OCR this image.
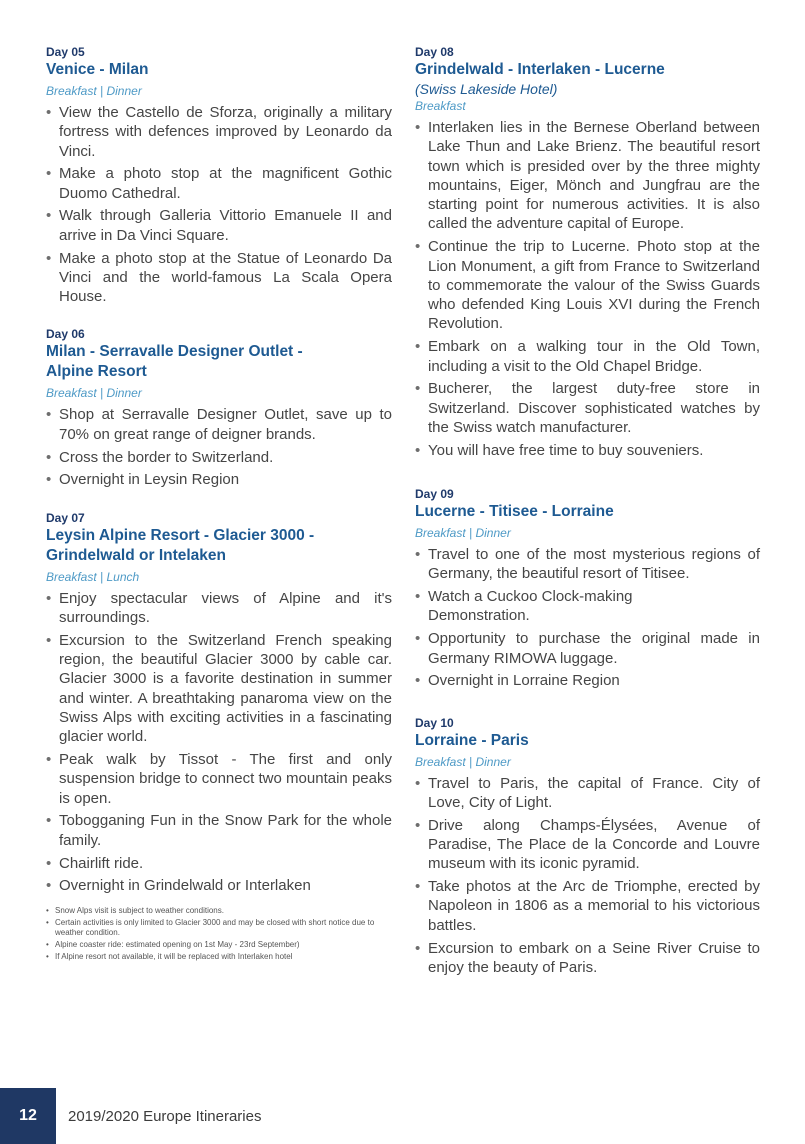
Day 05
Venice - Milan
Breakfast | Dinner
• View the Castello de Sforza, originally a military fortress with defences improved by Leonardo da Vinci.
• Make a photo stop at the magnificent Gothic Duomo Cathedral.
• Walk through Galleria Vittorio Emanuele II and arrive in Da Vinci Square.
• Make a photo stop at the Statue of Leonardo Da Vinci and the world-famous La Scala Opera House.
Day 06
Milan - Serravalle Designer Outlet - Alpine Resort
Breakfast | Dinner
• Shop at Serravalle Designer Outlet, save up to 70% on great range of deigner brands.
• Cross the border to Switzerland.
• Overnight in Leysin Region
Day 07
Leysin Alpine Resort - Glacier 3000 - Grindelwald or Intelaken
Breakfast | Lunch
• Enjoy spectacular views of Alpine and it's surroundings.
• Excursion to the Switzerland French speaking region, the beautiful Glacier 3000 by cable car. Glacier 3000 is a favorite destination in summer and winter. A breathtaking panaroma view on the Swiss Alps with exciting activities in a fascinating glacier world.
• Peak walk by Tissot - The first and only suspension bridge to connect two mountain peaks is open.
• Tobogganing Fun in the Snow Park for the whole family.
• Chairlift ride.
• Overnight in Grindelwald or Interlaken
• Snow Alps visit is subject to weather conditions.
• Certain activities is only limited to Glacier 3000 and may be closed with short notice due to weather condition.
• Alpine coaster ride: estimated opening on 1st May - 23rd September)
• If Alpine resort not available, it will be replaced with Interlaken hotel
Day 08
Grindelwald - Interlaken - Lucerne
(Swiss Lakeside Hotel)
Breakfast
• Interlaken lies in the Bernese Oberland between Lake Thun and Lake Brienz. The beautiful resort town which is presided over by the three mighty mountains, Eiger, Mönch and Jungfrau are the starting point for numerous activities. It is also called the adventure capital of Europe.
• Continue the trip to Lucerne. Photo stop at the Lion Monument, a gift from France to Switzerland to commemorate the valour of the Swiss Guards who defended King Louis XVI during the French Revolution.
• Embark on a walking tour in the Old Town, including a visit to the Old Chapel Bridge.
• Bucherer, the largest duty-free store in Switzerland. Discover sophisticated watches by the Swiss watch manufacturer.
• You will have free time to buy souveniers.
Day 09
Lucerne - Titisee - Lorraine
Breakfast | Dinner
• Travel to one of the most mysterious regions of Germany, the beautiful resort of Titisee.
• Watch a Cuckoo Clock-making Demonstration.
• Opportunity to purchase the original made in Germany RIMOWA luggage.
• Overnight in Lorraine Region
Day 10
Lorraine - Paris
Breakfast | Dinner
• Travel to Paris, the capital of France. City of Love, City of Light.
• Drive along Champs-Élysées, Avenue of Paradise, The Place de la Concorde and Louvre museum with its iconic pyramid.
• Take photos at the Arc de Triomphe, erected by Napoleon in 1806 as a memorial to his victorious battles.
• Excursion to embark on a Seine River Cruise to enjoy the beauty of Paris.
12 2019/2020 Europe Itineraries
